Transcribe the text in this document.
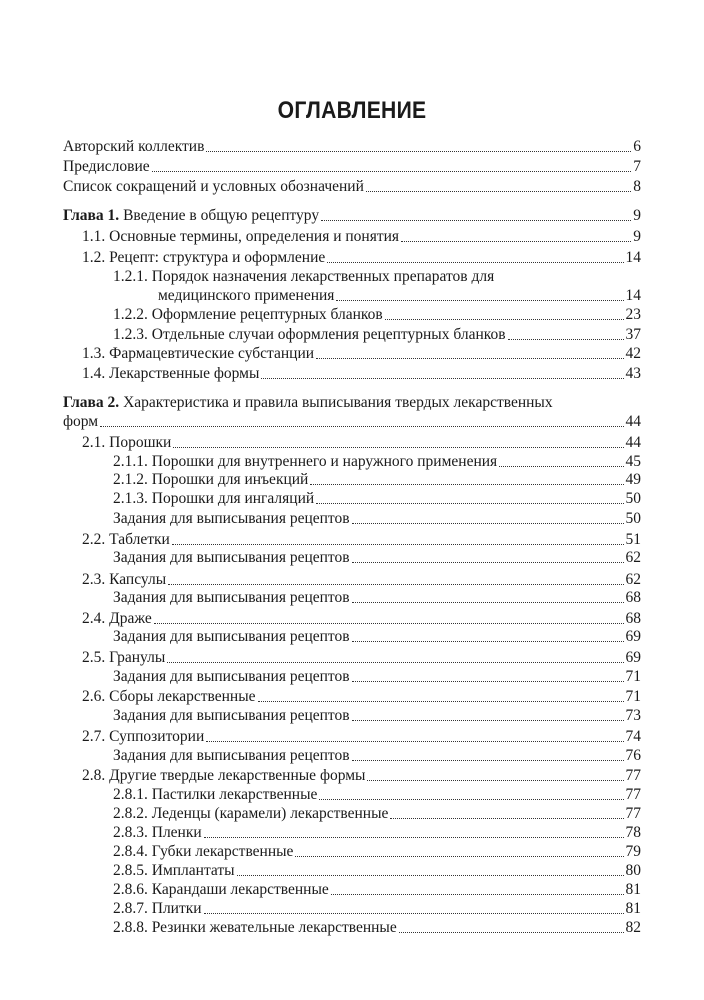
ОГЛАВЛЕНИЕ
Авторский коллектив	6
Предисловие	7
Список сокращений и условных обозначений	8
Глава 1. Введение в общую рецептуру	9
1.1. Основные термины, определения и понятия	9
1.2. Рецепт: структура и оформление	14
1.2.1. Порядок назначения лекарственных препаратов для
медицинского применения	14
1.2.2. Оформление рецептурных бланков	23
1.2.3. Отдельные случаи оформления рецептурных бланков	37
1.3. Фармацевтические субстанции	42
1.4. Лекарственные формы	43
Глава 2. Характеристика и правила выписывания твердых лекарственных
форм	44
2.1. Порошки	44
2.1.1. Порошки для внутреннего и наружного применения	45
2.1.2. Порошки для инъекций	49
2.1.3. Порошки для ингаляций	50
Задания для выписывания рецептов	50
2.2. Таблетки	51
Задания для выписывания рецептов	62
2.3. Капсулы	62
Задания для выписывания рецептов	68
2.4. Драже	68
Задания для выписывания рецептов	69
2.5. Гранулы	69
Задания для выписывания рецептов	71
2.6. Сборы лекарственные	71
Задания для выписывания рецептов	73
2.7. Суппозитории	74
Задания для выписывания рецептов	76
2.8. Другие твердые лекарственные формы	77
2.8.1. Пастилки лекарственные	77
2.8.2. Леденцы (карамели) лекарственные	77
2.8.3. Пленки	78
2.8.4. Губки лекарственные	79
2.8.5. Имплантаты	80
2.8.6. Карандаши лекарственные	81
2.8.7. Плитки	81
2.8.8. Резинки жевательные лекарственные	82
